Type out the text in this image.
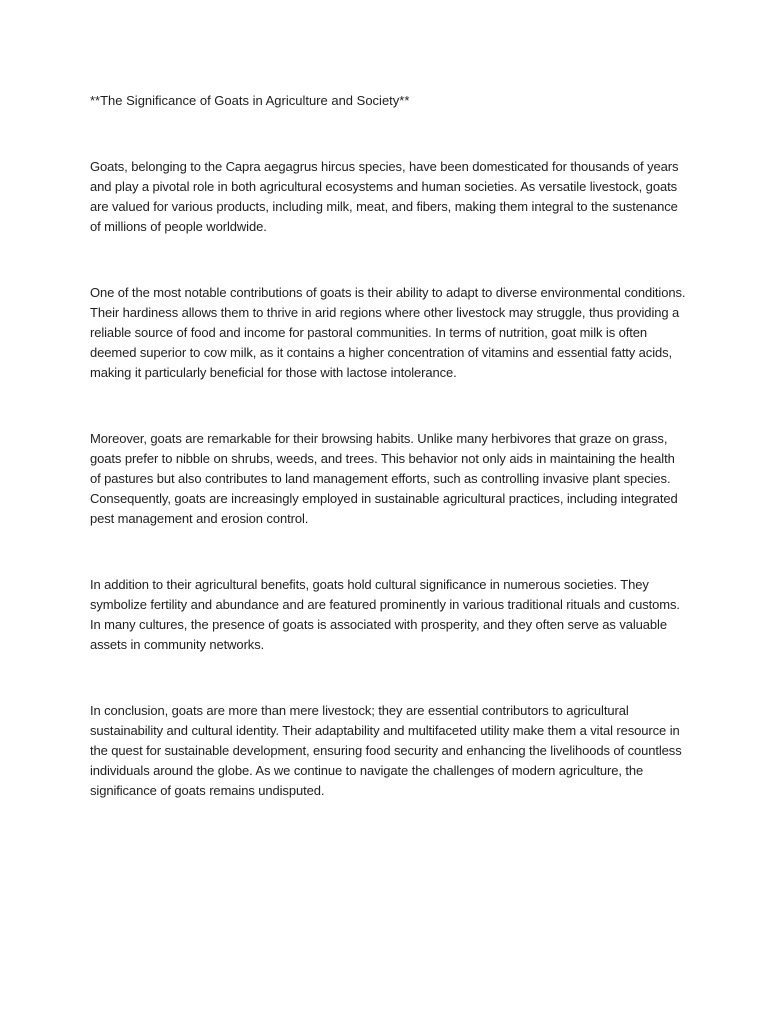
**The Significance of Goats in Agriculture and Society**

Goats, belonging to the Capra aegagrus hircus species, have been domesticated for thousands of years and play a pivotal role in both agricultural ecosystems and human societies. As versatile livestock, goats are valued for various products, including milk, meat, and fibers, making them integral to the sustenance of millions of people worldwide.

One of the most notable contributions of goats is their ability to adapt to diverse environmental conditions. Their hardiness allows them to thrive in arid regions where other livestock may struggle, thus providing a reliable source of food and income for pastoral communities. In terms of nutrition, goat milk is often deemed superior to cow milk, as it contains a higher concentration of vitamins and essential fatty acids, making it particularly beneficial for those with lactose intolerance.

Moreover, goats are remarkable for their browsing habits. Unlike many herbivores that graze on grass, goats prefer to nibble on shrubs, weeds, and trees. This behavior not only aids in maintaining the health of pastures but also contributes to land management efforts, such as controlling invasive plant species. Consequently, goats are increasingly employed in sustainable agricultural practices, including integrated pest management and erosion control.

In addition to their agricultural benefits, goats hold cultural significance in numerous societies. They symbolize fertility and abundance and are featured prominently in various traditional rituals and customs. In many cultures, the presence of goats is associated with prosperity, and they often serve as valuable assets in community networks.

In conclusion, goats are more than mere livestock; they are essential contributors to agricultural sustainability and cultural identity. Their adaptability and multifaceted utility make them a vital resource in the quest for sustainable development, ensuring food security and enhancing the livelihoods of countless individuals around the globe. As we continue to navigate the challenges of modern agriculture, the significance of goats remains undisputed.
